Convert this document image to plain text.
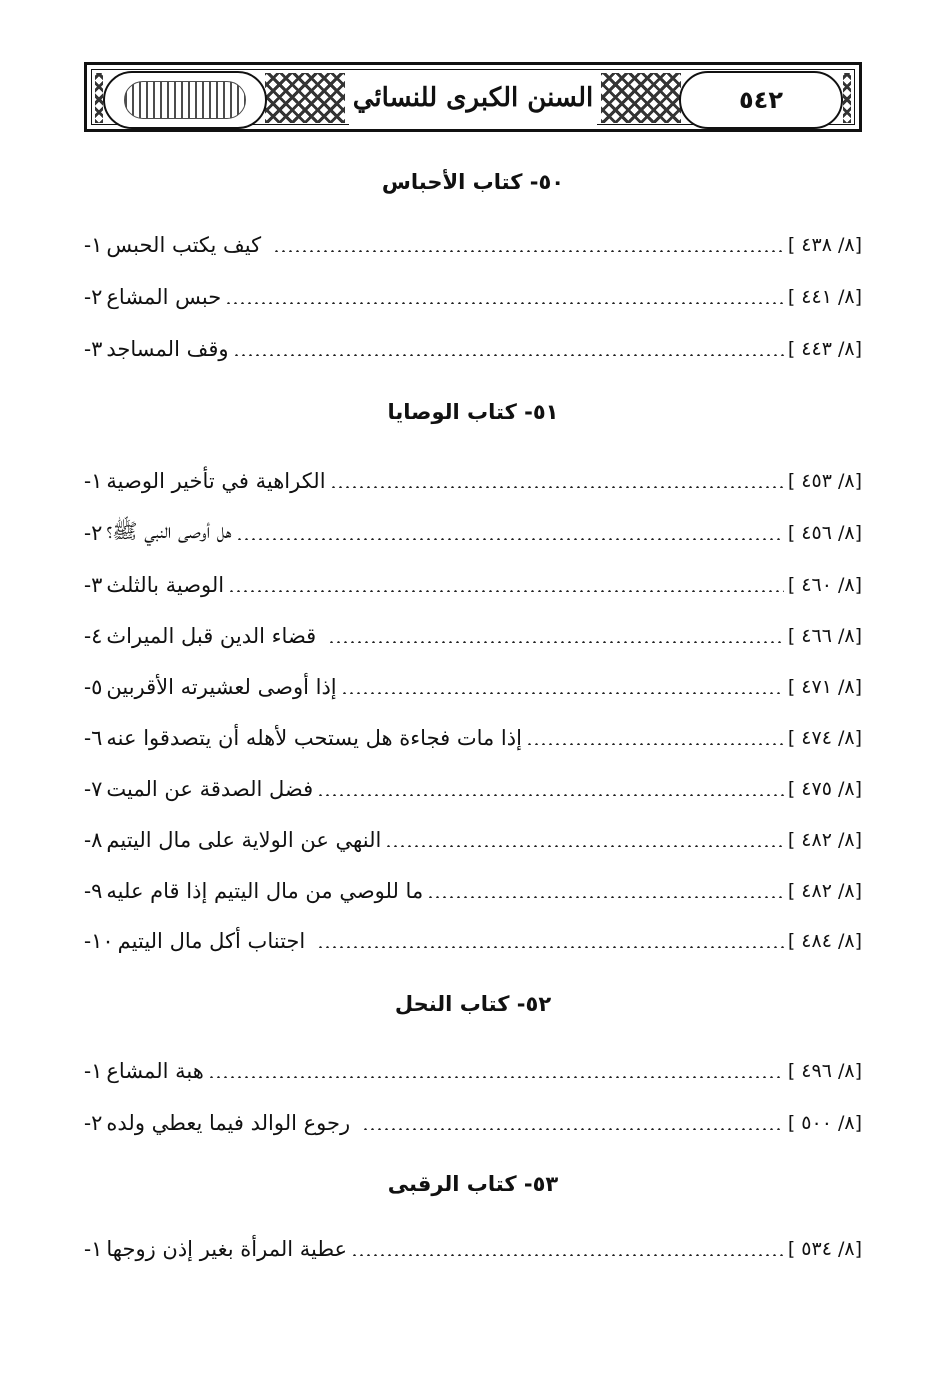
السنن الكبرى للنسائي	٥٤٢
٥٠- كتاب الأحباس
١- كيف يكتب الحبس	[ ٨/ ٤٣٨]
٢- حبس المشاع	[ ٨/ ٤٤١]
٣- وقف المساجد	[ ٨/ ٤٤٣]
٥١- كتاب الوصايا
١- الكراهية في تأخير الوصية	[ ٨/ ٤٥٣]
٢- هل أوصى النبي ﷺ؟	[ ٨/ ٤٥٦]
٣- الوصية بالثلث	[ ٨/ ٤٦٠]
٤- قضاء الدين قبل الميراث	[ ٨/ ٤٦٦]
٥- إذا أوصى لعشيرته الأقربين	[ ٨/ ٤٧١]
٦- إذا مات فجاءة هل يستحب لأهله أن يتصدقوا عنه	[ ٨/ ٤٧٤]
٧- فضل الصدقة عن الميت	[ ٨/ ٤٧٥]
٨- النهي عن الولاية على مال اليتيم	[ ٨/ ٤٨٢]
٩- ما للوصي من مال اليتيم إذا قام عليه	[ ٨/ ٤٨٢]
١٠- اجتناب أكل مال اليتيم	[ ٨/ ٤٨٤]
٥٢- كتاب النحل
١- هبة المشاع	[ ٨/ ٤٩٦]
٢- رجوع الوالد فيما يعطي ولده	[ ٨/ ٥٠٠]
٥٣- كتاب الرقبى
١- عطية المرأة بغير إذن زوجها	[ ٨/ ٥٣٤]
